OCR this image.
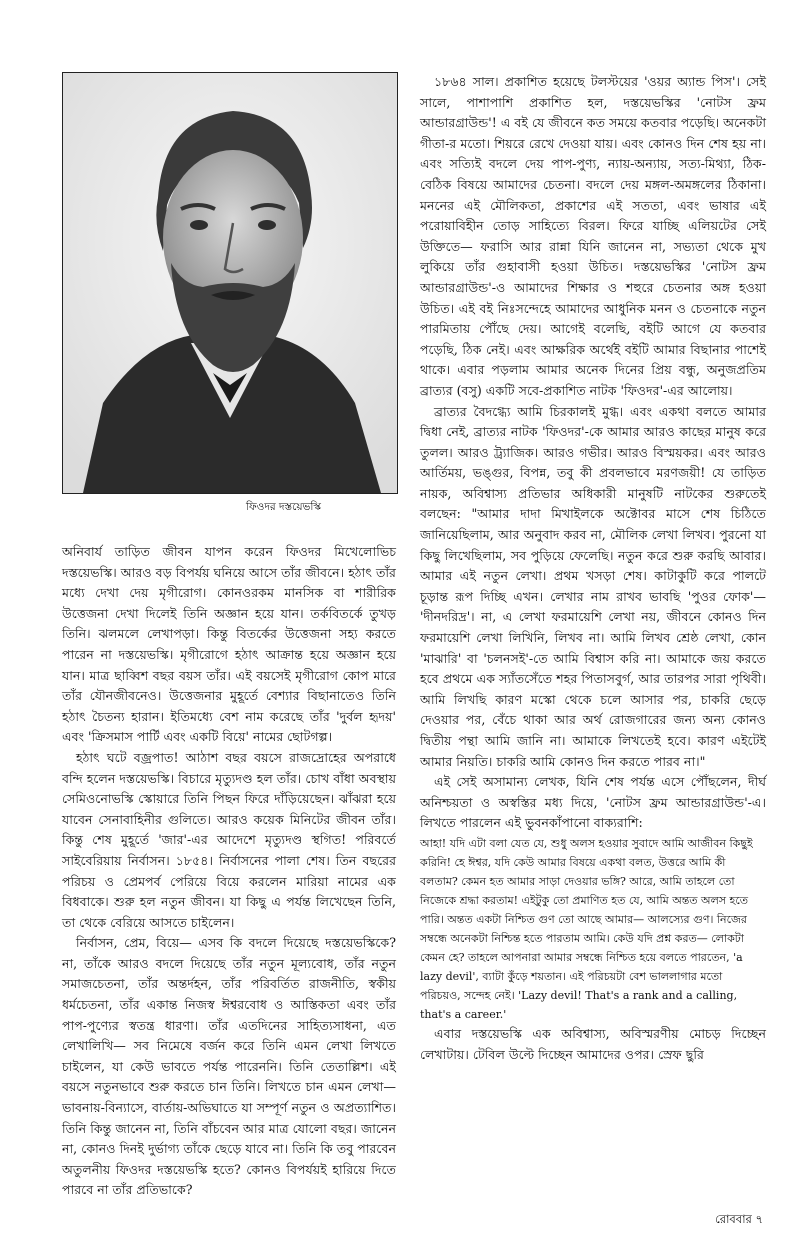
ফিওদর দস্তয়েভস্কি

অনিবার্য তাড়িত জীবন যাপন করেন ফিওদর মিখেলোভিচ দস্তয়েভস্কি। আরও বড় বিপর্যয় ঘনিয়ে আসে তাঁর জীবনে। হঠাৎ তাঁর মধ্যে দেখা দেয় মৃগীরোগ। কোনওরকম মানসিক বা শারীরিক উত্তেজনা দেখা দিলেই তিনি অজ্ঞান হয়ে যান। তর্কবিতর্কে তুখড় তিনি। ঝলমলে লেখাপড়া। কিন্তু বিতর্কের উত্তেজনা সহ্য করতে পারেন না দস্তয়েভস্কি। মৃগীরোগে হঠাৎ আক্রান্ত হয়ে অজ্ঞান হয়ে যান। মাত্র ছাব্বিশ বছর বয়স তাঁর। এই বয়সেই মৃগীরোগ কোপ মারে তাঁর যৌনজীবনেও। উত্তেজনার মুহূর্তে বেশ্যার বিছানাতেও তিনি হঠাৎ চৈতন্য হারান। ইতিমধ্যে বেশ নাম করেছে তাঁর 'দুর্বল হৃদয়' এবং 'ক্রিসমাস পার্টি এবং একটি বিয়ে' নামের ছোটগল্প।

হঠাৎ ঘটে বজ্রপাত! আঠাশ বছর বয়সে রাজদ্রোহের অপরাধে বন্দি হলেন দস্তয়েভস্কি। বিচারে মৃত্যুদণ্ড হল তাঁর। চোখ বাঁধা অবস্থায় সেমিওনোভস্কি স্কোয়ারে তিনি পিছন ফিরে দাঁড়িয়েছেন। ঝাঁঝরা হয়ে যাবেন সেনাবাহিনীর গুলিতে। আরও কয়েক মিনিটের জীবন তাঁর। কিন্তু শেষ মুহূর্তে 'জার'-এর আদেশে মৃত্যুদণ্ড স্থগিত! পরিবর্তে সাইবেরিয়ায় নির্বাসন। ১৮৫৪। নির্বাসনের পালা শেষ। তিন বছরের পরিচয় ও প্রেমপর্ব পেরিয়ে বিয়ে করলেন মারিয়া নামের এক বিধবাকে। শুরু হল নতুন জীবন। যা কিছু এ পর্যন্ত লিখেছেন তিনি, তা থেকে বেরিয়ে আসতে চাইলেন।

নির্বাসন, প্রেম, বিয়ে— এসব কি বদলে দিয়েছে দস্তয়েভস্কিকে? না, তাঁকে আরও বদলে দিয়েছে তাঁর নতুন মূল্যবোধ, তাঁর নতুন সমাজচেতনা, তাঁর অন্তর্দহন, তাঁর পরিবর্তিত রাজনীতি, স্বকীয় ধর্মচেতনা, তাঁর একান্ত নিজস্ব ঈশ্বরবোধ ও আস্তিকতা এবং তাঁর পাপ-পুণ্যের স্বতন্ত্র ধারণা। তাঁর এতদিনের সাহিত্যসাধনা, এত লেখালিখি— সব নিমেষে বর্জন করে তিনি এমন লেখা লিখতে চাইলেন, যা কেউ ভাবতে পর্যন্ত পারেননি। তিনি তেতাল্লিশ। এই বয়সে নতুনভাবে শুরু করতে চান তিনি। লিখতে চান এমন লেখা— ভাবনায়-বিন্যাসে, বার্তায়-অভিঘাতে যা সম্পূর্ণ নতুন ও অপ্রত্যাশিত। তিনি কিন্তু জানেন না, তিনি বাঁচবেন আর মাত্র যোলো বছর। জানেন না, কোনও দিনই দুর্ভাগ্য তাঁকে ছেড়ে যাবে না। তিনি কি তবু পারবেন অতুলনীয় ফিওদর দস্তয়েভস্কি হতে? কোনও বিপর্যয়ই হারিয়ে দিতে পারবে না তাঁর প্রতিভাকে?

১৮৬৪ সাল। প্রকাশিত হয়েছে টলস্টয়ের 'ওয়র অ্যান্ড পিস'। সেই সালে, পাশাপাশি প্রকাশিত হল, দস্তয়েভস্কির 'নোটস ফ্রম আন্ডারগ্রাউন্ড'! এ বই যে জীবনে কত সময়ে কতবার পড়েছি। অনেকটা গীতা-র মতো। শিয়রে রেখে দেওয়া যায়। এবং কোনও দিন শেষ হয় না। এবং সত্যিই বদলে দেয় পাপ-পুণ্য, ন্যায়-অন্যায়, সত্য-মিথ্যা, ঠিক-বেঠিক বিষয়ে আমাদের চেতনা। বদলে দেয় মঙ্গল-অমঙ্গলের ঠিকানা। মননের এই মৌলিকতা, প্রকাশের এই সততা, এবং ভাষার এই পরোয়াবিহীন তোড় সাহিত্যে বিরল। ফিরে যাচ্ছি এলিয়টের সেই উক্তিতে— ফরাসি আর রান্না যিনি জানেন না, সভ্যতা থেকে মুখ লুকিয়ে তাঁর গুহাবাসী হওয়া উচিত। দস্তয়েভস্কির 'নোটস ফ্রম আন্ডারগ্রাউন্ড'-ও আমাদের শিক্ষার ও শহুরে চেতনার অঙ্গ হওয়া উচিত। এই বই নিঃসন্দেহে আমাদের আধুনিক মনন ও চেতনাকে নতুন পারমিতায় পৌঁছে দেয়। আগেই বলেছি, বইটি আগে যে কতবার পড়েছি, ঠিক নেই। এবং আক্ষরিক অর্থেই বইটি আমার বিছানার পাশেই থাকে। এবার পড়লাম আমার অনেক দিনের প্রিয় বন্ধু, অনুজপ্রতিম ব্রাত্যর (বসু) একটি সবে-প্রকাশিত নাটক 'ফিওদর'-এর আলোয়।

ব্রাত্যর বৈদগ্ধ্যে আমি চিরকালই মুগ্ধ। এবং একথা বলতে আমার দ্বিধা নেই, ব্রাত্যর নাটক 'ফিওদর'-কে আমার আরও কাছের মানুষ করে তুলল। আরও ট্র্যাজিক। আরও গভীর। আরও বিস্ময়কর। এবং আরও আর্তিময়, ভঙ্গুর, বিপন্ন, তবু কী প্রবলভাবে মরণজয়ী! যে তাড়িত নায়ক, অবিশ্বাস্য প্রতিভার অধিকারী মানুষটি নাটকের শুরুতেই বলছেন: "আমার দাদা মিখাইলকে অক্টোবর মাসে শেষ চিঠিতে জানিয়েছিলাম, আর অনুবাদ করব না, মৌলিক লেখা লিখব। পুরনো যা কিছু লিখেছিলাম, সব পুড়িয়ে ফেলেছি। নতুন করে শুরু করছি আবার। আমার এই নতুন লেখা। প্রথম খসড়া শেষ। কাটাকুটি করে পালটে চূড়ান্ত রূপ দিচ্ছি এখন। লেখার নাম রাখব ভাবছি 'পুওর ফোক'— 'দীনদরিদ্র'। না, এ লেখা ফরমায়েশি লেখা নয়, জীবনে কোনও দিন ফরমায়েশি লেখা লিখিনি, লিখব না। আমি লিখব শ্রেষ্ঠ লেখা, কোন 'মাঝারি' বা 'চলনসই'-তে আমি বিশ্বাস করি না। আমাকে জয় করতে হবে প্রথমে এক স্যাঁতসেঁতে শহর পিতাসবুর্গ, আর তারপর সারা পৃথিবী। আমি লিখছি কারণ মস্কো থেকে চলে আসার পর, চাকরি ছেড়ে দেওয়ার পর, বেঁচে থাকা আর অর্থ রোজগারের জন্য অন্য কোনও দ্বিতীয় পন্থা আমি জানি না। আমাকে লিখতেই হবে। কারণ এইটেই আমার নিয়তি। চাকরি আমি কোনও দিন করতে পারব না।"

এই সেই অসামান্য লেখক, যিনি শেষ পর্যন্ত এসে পৌঁছলেন, দীর্ঘ অনিশ্চয়তা ও অস্বস্তির মধ্য দিয়ে, 'নোটস ফ্রম আন্ডারগ্রাউন্ড'-এ। লিখতে পারলেন এই ভুবনকাঁপানো বাক্যরাশি:

আহা! যদি এটা বলা যেত যে, শুধু অলস হওয়ার সুবাদে আমি আজীবন কিছুই করিনি! হে ঈশ্বর, যদি কেউ আমার বিষয়ে একথা বলত, উত্তরে আমি কী বলতাম? কেমন হত আমার সাড়া দেওয়ার ভঙ্গি? আরে, আমি তাহলে তো নিজেকে শ্রদ্ধা করতাম! এইটুকু তো প্রমাণিত হত যে, আমি অন্তত অলস হতে পারি। অন্তত একটা নিশ্চিত গুণ তো আছে আমার— আলস্যের গুণ। নিজের সম্বন্ধে অনেকটা নিশ্চিন্ত হতে পারতাম আমি। কেউ যদি প্রশ্ন করত— লোকটা কেমন হে? তাহলে আপনারা আমার সম্বন্ধে নিশ্চিত হয়ে বলতে পারতেন, 'a lazy devil', ব্যাটা কুঁড়ে শয়তান। এই পরিচয়টা বেশ ভাললাগার মতো পরিচয়ও, সন্দেহ নেই। 'Lazy devil! That's a rank and a calling, that's a career.'

এবার দস্তয়েভস্কি এক অবিশ্বাস্য, অবিস্মরণীয় মোচড় দিচ্ছেন লেখাটায়। টেবিল উল্টে দিচ্ছেন আমাদের ওপর। স্রেফ ছুরি

রোববার ৭
